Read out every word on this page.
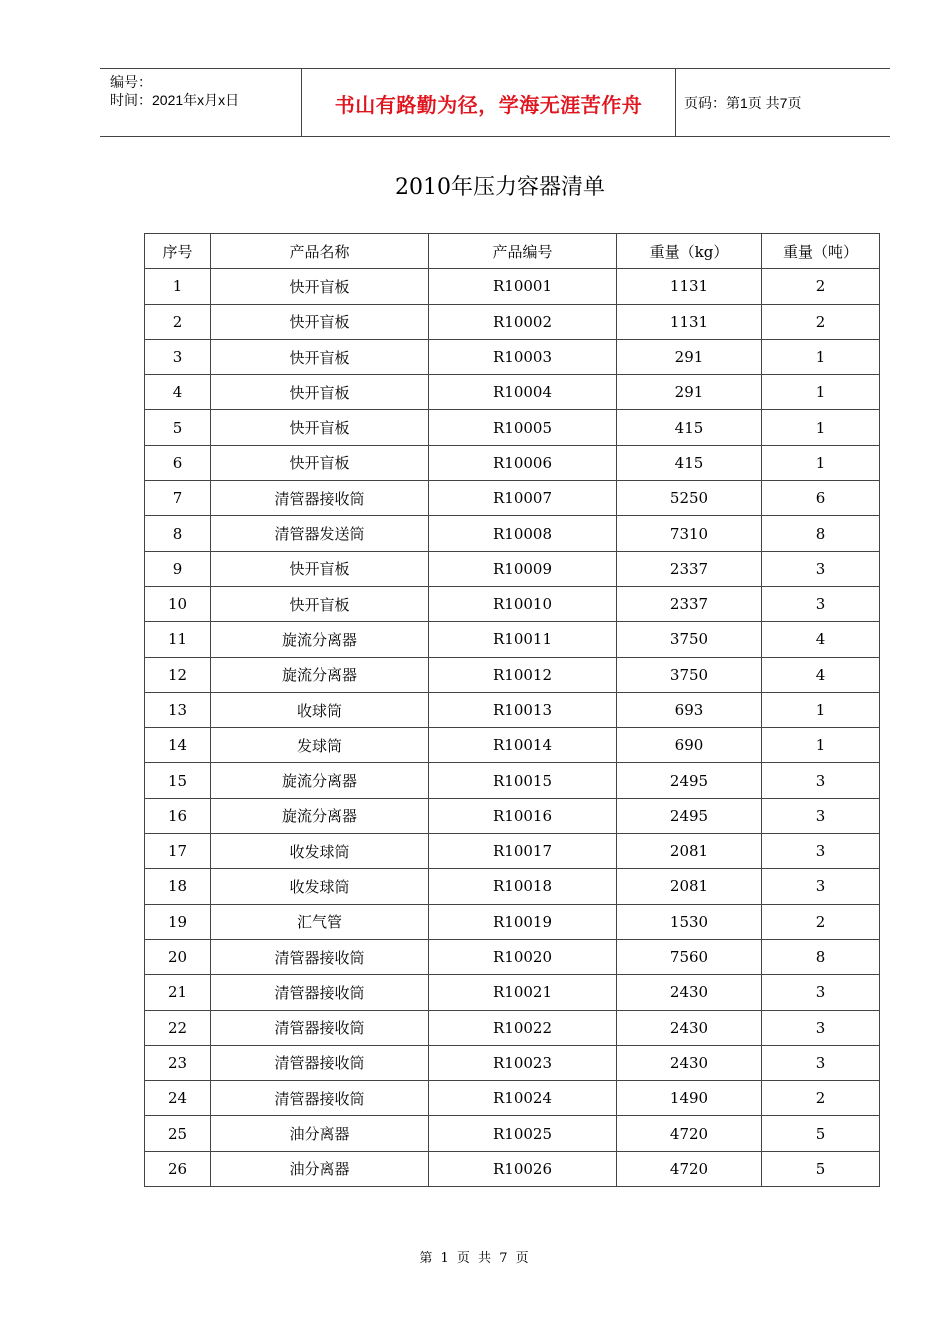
编号：
时间：2021年x月x日	书山有路勤为径，学海无涯苦作舟	页码：第1页 共7页
2010年压力容器清单
序号	产品名称	产品编号	重量（kg）	重量（吨）
1	快开盲板	R10001	1131	2
2	快开盲板	R10002	1131	2
3	快开盲板	R10003	291	1
4	快开盲板	R10004	291	1
5	快开盲板	R10005	415	1
6	快开盲板	R10006	415	1
7	清管器接收筒	R10007	5250	6
8	清管器发送筒	R10008	7310	8
9	快开盲板	R10009	2337	3
10	快开盲板	R10010	2337	3
11	旋流分离器	R10011	3750	4
12	旋流分离器	R10012	3750	4
13	收球筒	R10013	693	1
14	发球筒	R10014	690	1
15	旋流分离器	R10015	2495	3
16	旋流分离器	R10016	2495	3
17	收发球筒	R10017	2081	3
18	收发球筒	R10018	2081	3
19	汇气管	R10019	1530	2
20	清管器接收筒	R10020	7560	8
21	清管器接收筒	R10021	2430	3
22	清管器接收筒	R10022	2430	3
23	清管器接收筒	R10023	2430	3
24	清管器接收筒	R10024	1490	2
25	油分离器	R10025	4720	5
26	油分离器	R10026	4720	5
第 1 页 共 7 页
